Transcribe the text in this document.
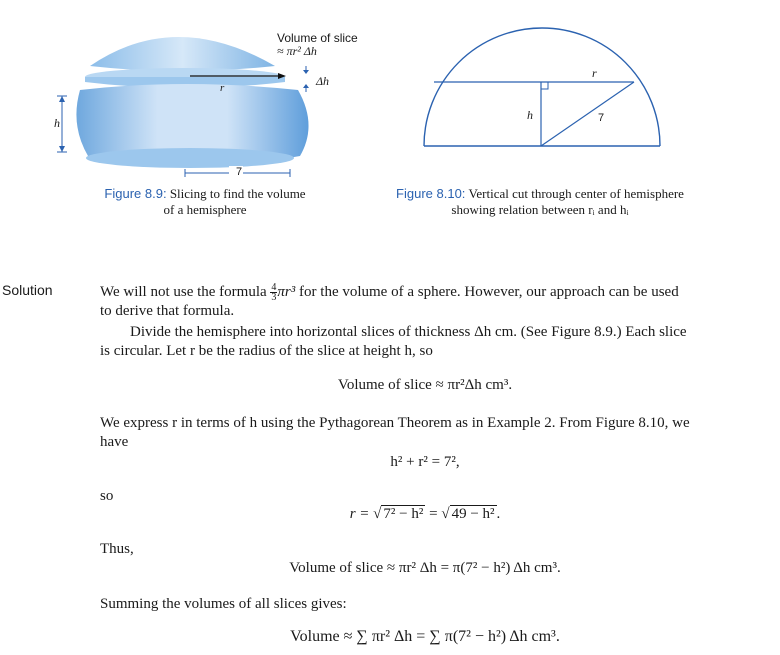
Volume of slice
≈ πr² Δh
Δh
r
h
7
Figure 8.9: Slicing to find the volume
of a hemisphere
r
h	7
Figure 8.10: Vertical cut through center of hemisphere
showing relation between rᵢ and hᵢ
Solution	We will not use the formula $\frac{4}{3} \pi r^3$ for the volume of a sphere. However, our approach can be used
to derive that formula.
Divide the hemisphere into horizontal slices of thickness Δh cm. (See Figure 8.9.) Each slice
is circular. Let r be the radius of the slice at height h, so
Volume of slice ≈ πr²Δh cm³.
We express r in terms of h using the Pythagorean Theorem as in Example 2. From Figure 8.10, we
have
h² + r² = 7²,
so
r = √ 7² − h² = √ 49 − h² .
Thus,
Volume of slice ≈ πr² Δh = π(7² − h²) Δh cm³.
Summing the volumes of all slices gives:
Volume ≈ ∑ πr² Δh = ∑ π(7² − h²) Δh cm³.
